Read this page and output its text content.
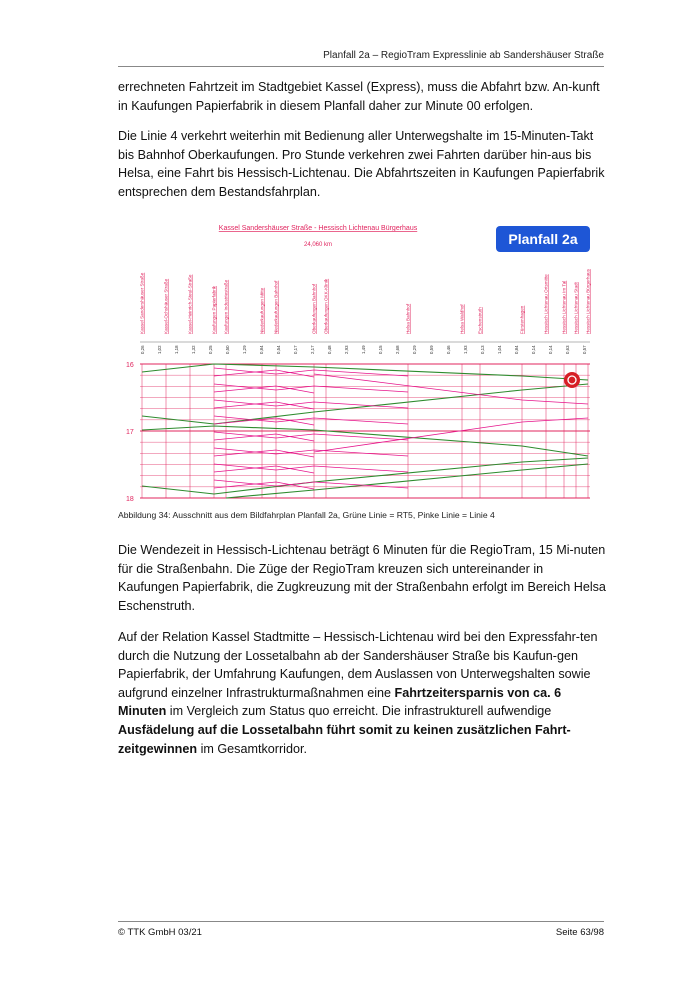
Planfall 2a – RegioTram Expresslinie ab Sandershäuser Straße

errechneten Fahrtzeit im Stadtgebiet Kassel (Express), muss die Abfahrt bzw. An-kunft in Kaufungen Papierfabrik in diesem Planfall daher zur Minute 00 erfolgen.

Die Linie 4 verkehrt weiterhin mit Bedienung aller Unterwegshalte im 15-Minuten-Takt bis Bahnhof Oberkaufungen. Pro Stunde verkehren zwei Fahrten darüber hin-aus bis Helsa, eine Fahrt bis Hessisch-Lichtenau. Die Abfahrtszeiten in Kaufungen Papierfabrik entsprechen dem Bestandsfahrplan.

Kassel Sandershäuser Straße - Hessisch Lichtenau Bürgerhaus
24,060 km	Planfall 2a
Kassel Sandershäuser Straße	Kassel-Ochshäuser Straße	Kassel-Heinrich-Steul-Straße	Kaufungen Papierfabrik Kaufungen Industriestraße	Niederkaufungen Mitte Niederkaufungen Bahnhof	Oberkaufungen Bahnhof Oberkaufungen OKK-Klinik	Helsa Bahnhof	Helsa Waldhof	Eschenstruth	Fürstenhagen	Hessisch Lichtenau Ortsmitte	Hessisch Lichtenau Im Tal Hessisch Lichtenau Stadt Hessisch Lichtenau Bürgerhaus
0,26	1,02	1,18	1,32	0,25	0,50	1,29	0,84	0,54	0,17	2,17	0,48	2,93	1,49	0,15	2,68	0,29	0,59	0,46	1,93	0,13	1,04	0,84	0,14	0,14	0,63	0,57
16
17
18
Abbildung 34: Ausschnitt aus dem Bildfahrplan Planfall 2a, Grüne Linie = RT5, Pinke Linie = Linie 4

Die Wendezeit in Hessisch-Lichtenau beträgt 6 Minuten für die RegioTram, 15 Mi-nuten für die Straßenbahn. Die Züge der RegioTram kreuzen sich untereinander in Kaufungen Papierfabrik, die Zugkreuzung mit der Straßenbahn erfolgt im Bereich Helsa Eschenstruth.

Auf der Relation Kassel Stadtmitte – Hessisch-Lichtenau wird bei den Expressfahr-ten durch die Nutzung der Lossetalbahn ab der Sandershäuser Straße bis Kaufun-gen Papierfabrik, der Umfahrung Kaufungen, dem Auslassen von Unterwegshalten sowie aufgrund einzelner Infrastrukturmaßnahmen eine Fahrtzeitersparnis von ca. 6 Minuten im Vergleich zum Status quo erreicht. Die infrastrukturell aufwendige Ausfädelung auf die Lossetalbahn führt somit zu keinen zusätzlichen Fahrt-zeitgewinnen im Gesamtkorridor.

© TTK GmbH 03/21	Seite 63/98
